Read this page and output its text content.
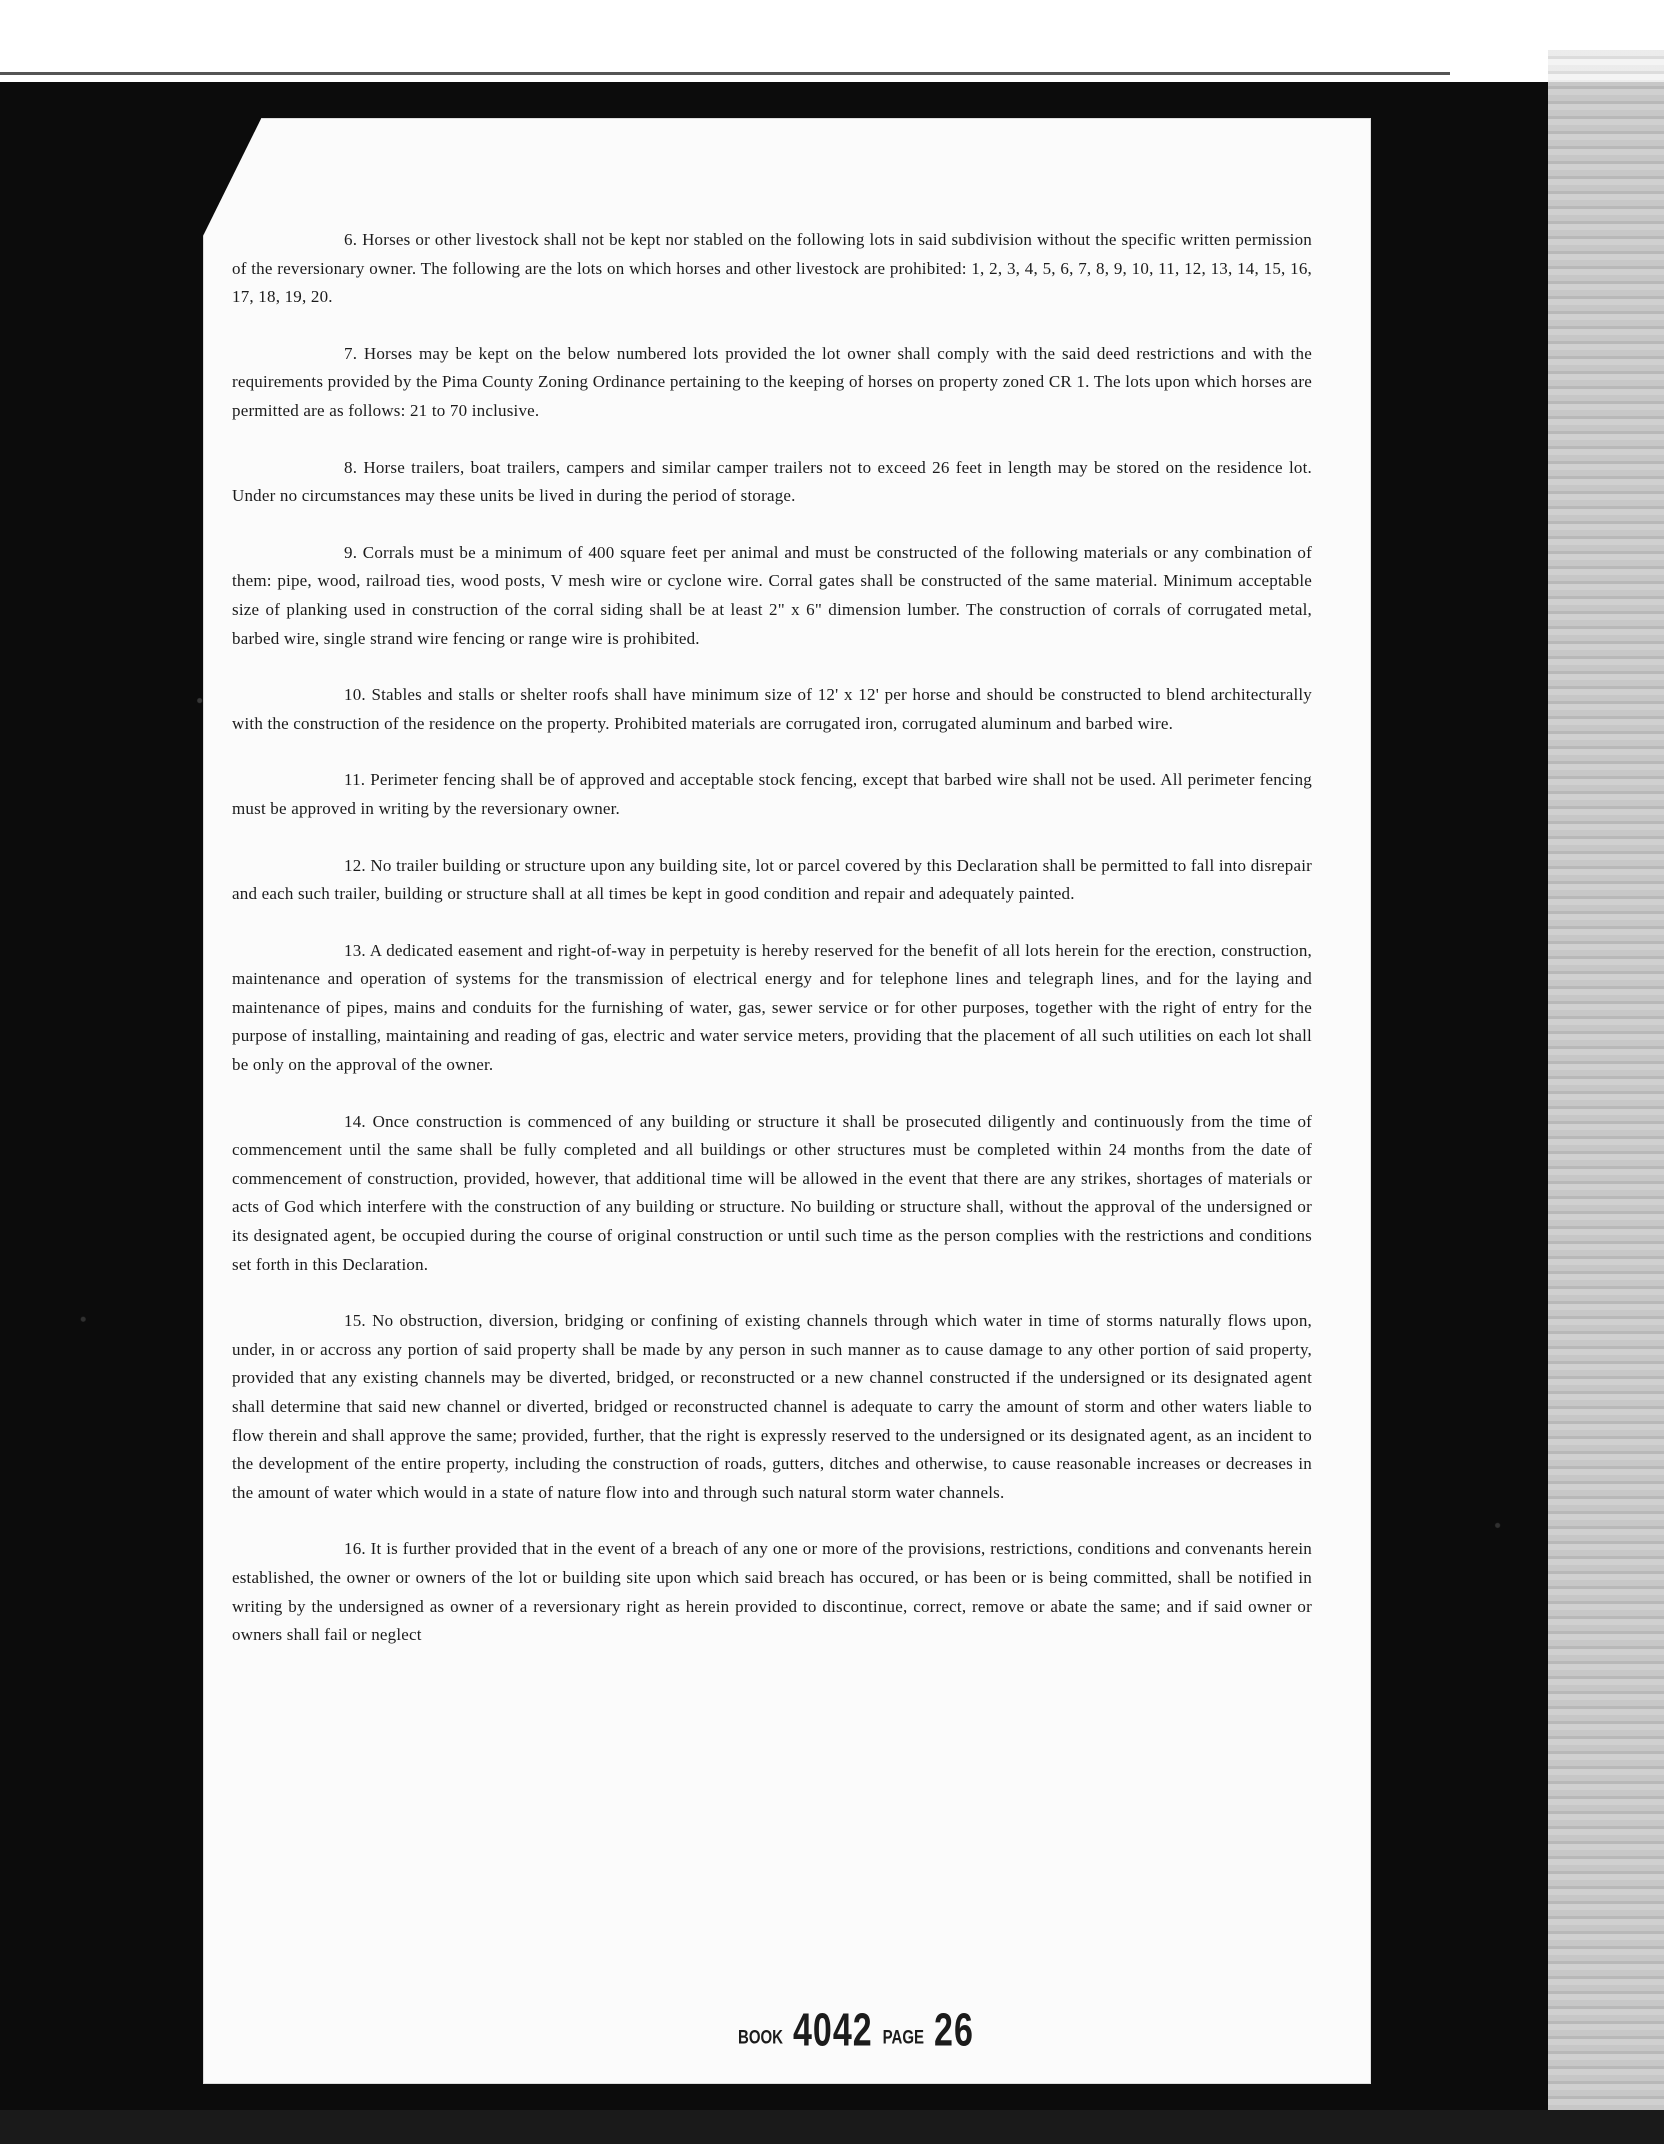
6. Horses or other livestock shall not be kept nor stabled on the following lots in said subdivision without the specific written permission of the reversionary owner. The following are the lots on which horses and other livestock are prohibited: 1, 2, 3, 4, 5, 6, 7, 8, 9, 10, 11, 12, 13, 14, 15, 16, 17, 18, 19, 20.

7. Horses may be kept on the below numbered lots provided the lot owner shall comply with the said deed restrictions and with the requirements provided by the Pima County Zoning Ordinance pertaining to the keeping of horses on property zoned CR 1. The lots upon which horses are permitted are as follows: 21 to 70 inclusive.

8. Horse trailers, boat trailers, campers and similar camper trailers not to exceed 26 feet in length may be stored on the residence lot. Under no circumstances may these units be lived in during the period of storage.

9. Corrals must be a minimum of 400 square feet per animal and must be constructed of the following materials or any combination of them: pipe, wood, railroad ties, wood posts, V mesh wire or cyclone wire. Corral gates shall be constructed of the same material. Minimum acceptable size of planking used in construction of the corral siding shall be at least 2" x 6" dimension lumber. The construction of corrals of corrugated metal, barbed wire, single strand wire fencing or range wire is prohibited.

10. Stables and stalls or shelter roofs shall have minimum size of 12' x 12' per horse and should be constructed to blend architecturally with the construction of the residence on the property. Prohibited materials are corrugated iron, corrugated aluminum and barbed wire.

11. Perimeter fencing shall be of approved and acceptable stock fencing, except that barbed wire shall not be used. All perimeter fencing must be approved in writing by the reversionary owner.

12. No trailer building or structure upon any building site, lot or parcel covered by this Declaration shall be permitted to fall into disrepair and each such trailer, building or structure shall at all times be kept in good condition and repair and adequately painted.

13. A dedicated easement and right-of-way in perpetuity is hereby reserved for the benefit of all lots herein for the erection, construction, maintenance and operation of systems for the transmission of electrical energy and for telephone lines and telegraph lines, and for the laying and maintenance of pipes, mains and conduits for the furnishing of water, gas, sewer service or for other purposes, together with the right of entry for the purpose of installing, maintaining and reading of gas, electric and water service meters, providing that the placement of all such utilities on each lot shall be only on the approval of the owner.

14. Once construction is commenced of any building or structure it shall be prosecuted diligently and continuously from the time of commencement until the same shall be fully completed and all buildings or other structures must be completed within 24 months from the date of commencement of construction, provided, however, that additional time will be allowed in the event that there are any strikes, shortages of materials or acts of God which interfere with the construction of any building or structure. No building or structure shall, without the approval of the undersigned or its designated agent, be occupied during the course of original construction or until such time as the person complies with the restrictions and conditions set forth in this Declaration.

15. No obstruction, diversion, bridging or confining of existing channels through which water in time of storms naturally flows upon, under, in or accross any portion of said property shall be made by any person in such manner as to cause damage to any other portion of said property, provided that any existing channels may be diverted, bridged, or reconstructed or a new channel constructed if the undersigned or its designated agent shall determine that said new channel or diverted, bridged or reconstructed channel is adequate to carry the amount of storm and other waters liable to flow therein and shall approve the same; provided, further, that the right is expressly reserved to the undersigned or its designated agent, as an incident to the development of the entire property, including the construction of roads, gutters, ditches and otherwise, to cause reasonable increases or decreases in the amount of water which would in a state of nature flow into and through such natural storm water channels.

16. It is further provided that in the event of a breach of any one or more of the provisions, restrictions, conditions and convenants herein established, the owner or owners of the lot or building site upon which said breach has occured, or has been or is being committed, shall be notified in writing by the undersigned as owner of a reversionary right as herein provided to discontinue, correct, remove or abate the same; and if said owner or owners shall fail or neglect

BOOK 4042 PAGE 26
